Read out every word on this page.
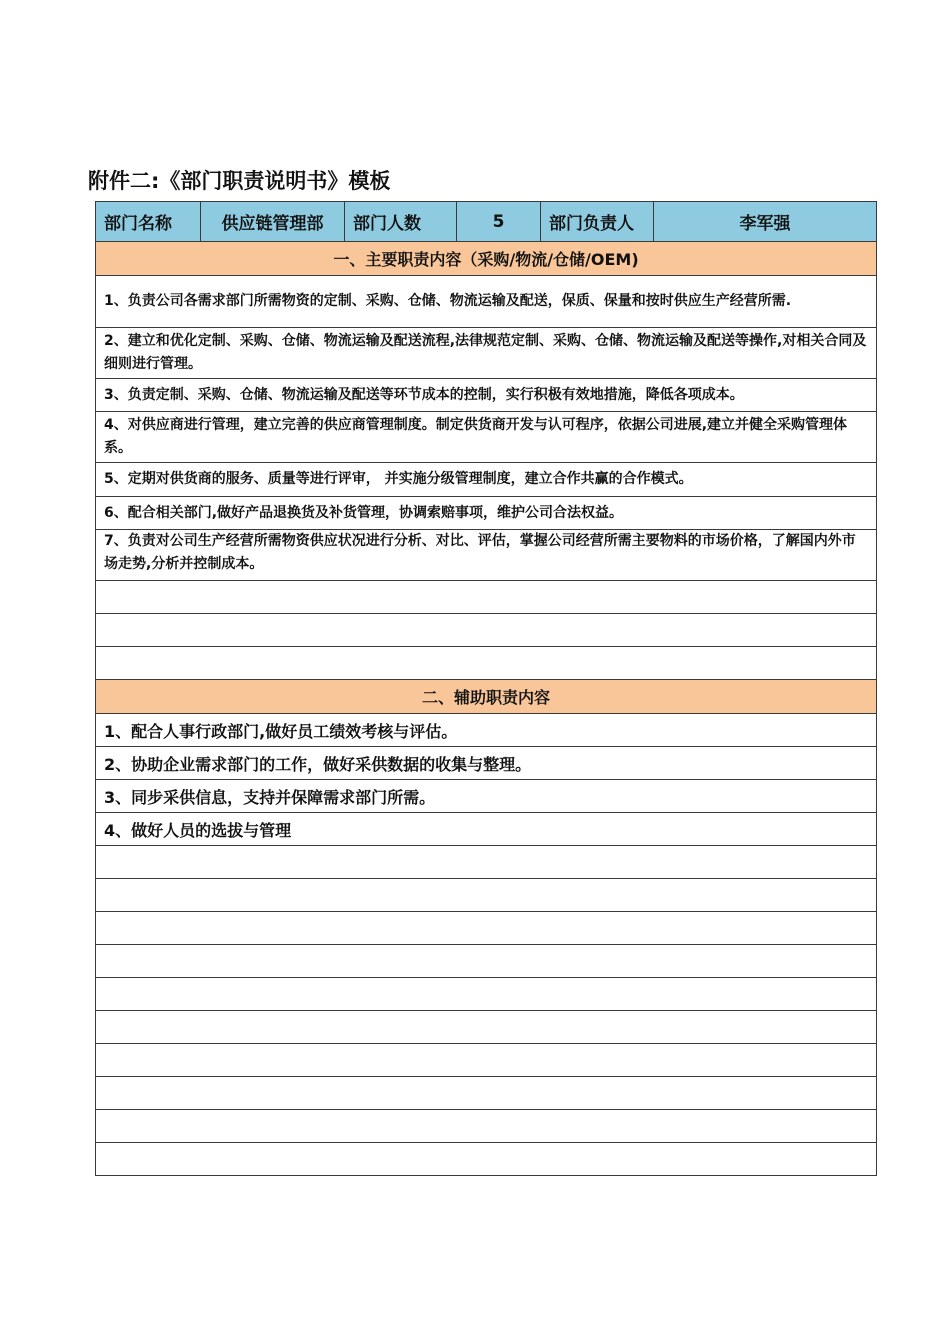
附件二:《部门职责说明书》模板
部门名称	供应链管理部	部门人数	5	部门负责人	李军强
一、主要职责内容（采购/物流/仓储/OEM)
1、负责公司各需求部门所需物资的定制、采购、仓储、物流运输及配送，保质、保量和按时供应生产经营所需.
2、建立和优化定制、采购、仓储、物流运输及配送流程,法律规范定制、采购、仓储、物流运输及配送等操作,对相关合同及细则进行管理。
3、负责定制、采购、仓储、物流运输及配送等环节成本的控制，实行积极有效地措施，降低各项成本。
4、对供应商进行管理，建立完善的供应商管理制度。制定供货商开发与认可程序，依据公司进展,建立并健全采购管理体系。
5、定期对供货商的服务、质量等进行评审， 并实施分级管理制度，建立合作共赢的合作模式。
6、配合相关部门,做好产品退换货及补货管理，协调索赔事项，维护公司合法权益。
7、负责对公司生产经营所需物资供应状况进行分析、对比、评估，掌握公司经营所需主要物料的市场价格，了解国内外市场走势,分析并控制成本。

二、辅助职责内容
1、配合人事行政部门,做好员工绩效考核与评估。
2、协助企业需求部门的工作，做好采供数据的收集与整理。
3、同步采供信息，支持并保障需求部门所需。
4、做好人员的选拔与管理
